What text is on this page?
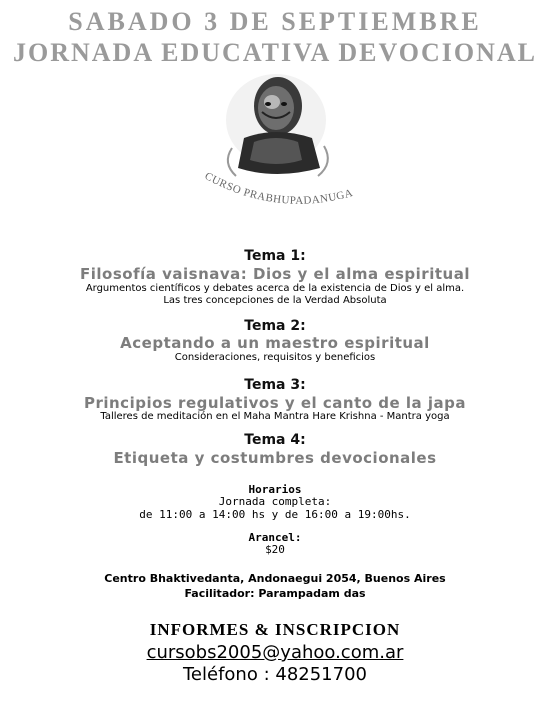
SABADO 3 DE SEPTIEMBRE
JORNADA EDUCATIVA DEVOCIONAL
CURSO PRABHUPADANUGA
Tema 1:
Filosofía vaisnava: Dios y el alma espiritual
Argumentos científicos y debates acerca de la existencia de Dios y el alma.
Las tres concepciones de la Verdad Absoluta
Tema 2:
Aceptando a un maestro espiritual
Consideraciones, requisitos y beneficios
Tema 3:
Principios regulativos y el canto de la japa
Talleres de meditación en el Maha Mantra Hare Krishna - Mantra yoga
Tema 4:
Etiqueta y costumbres devocionales
Horarios
Jornada completa:
de 11:00 a 14:00 hs y de 16:00 a 19:00hs.
Arancel:
$20
Centro Bhaktivedanta, Andonaegui 2054, Buenos Aires
Facilitador: Parampadam das
INFORMES & INSCRIPCION
cursobs2005@yahoo.com.ar
Teléfono : 48251700
